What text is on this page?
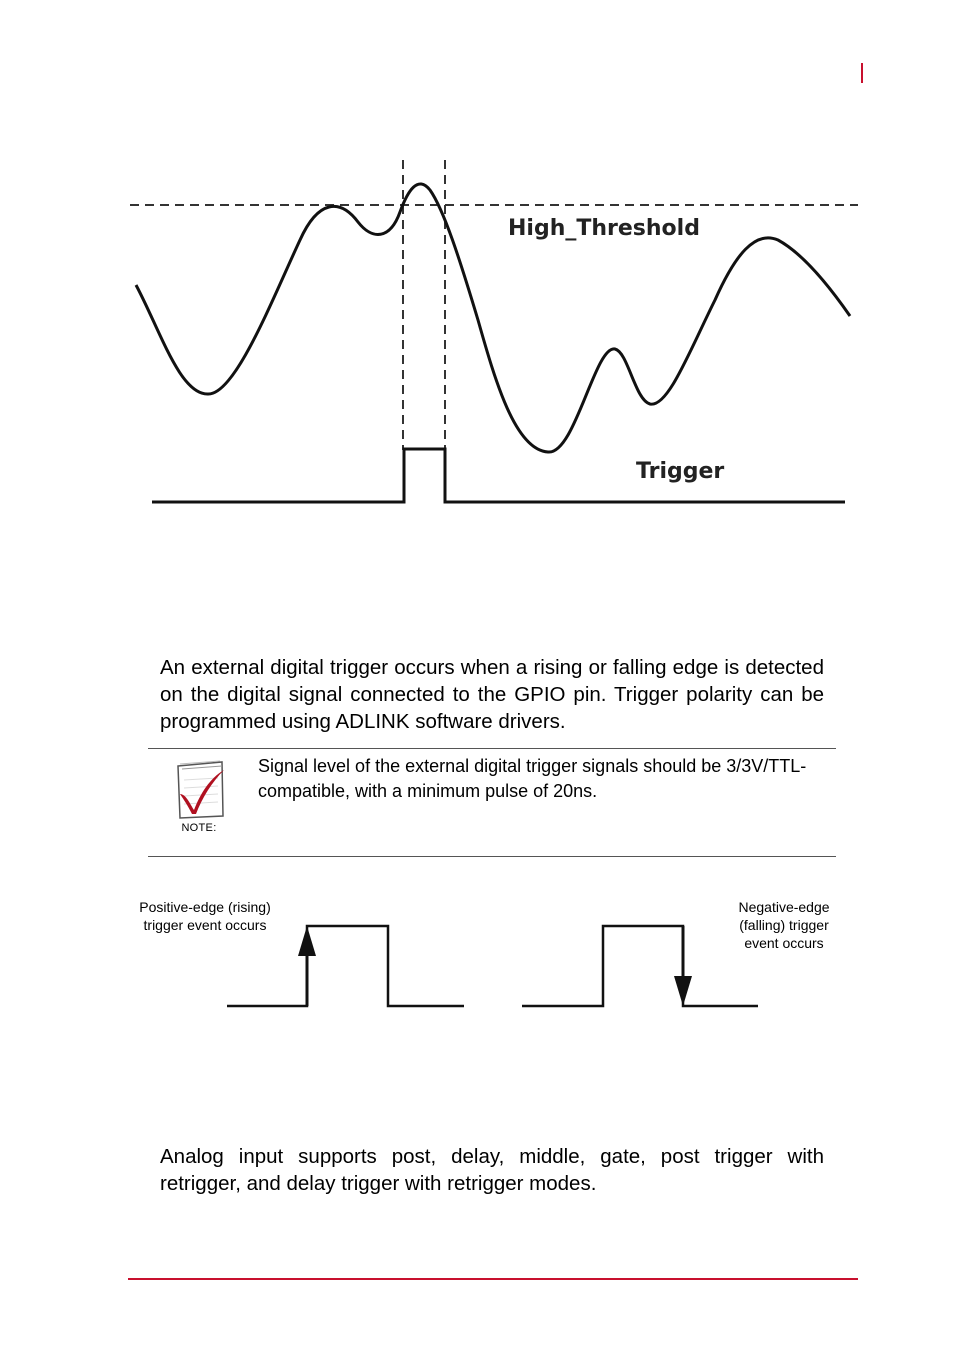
High_Threshold
Trigger

An external digital trigger occurs when a rising or falling edge is detected on the digital signal connected to the GPIO pin. Trigger polarity can be programmed using ADLINK software drivers.

NOTE:
Signal level of the external digital trigger signals should be 3/3V/TTL-compatible, with a minimum pulse of 20ns.
Positive-edge (rising) trigger event occurs
Negative-edge (falling) trigger event occurs

Analog input supports post, delay, middle, gate, post trigger with retrigger, and delay trigger with retrigger modes.
